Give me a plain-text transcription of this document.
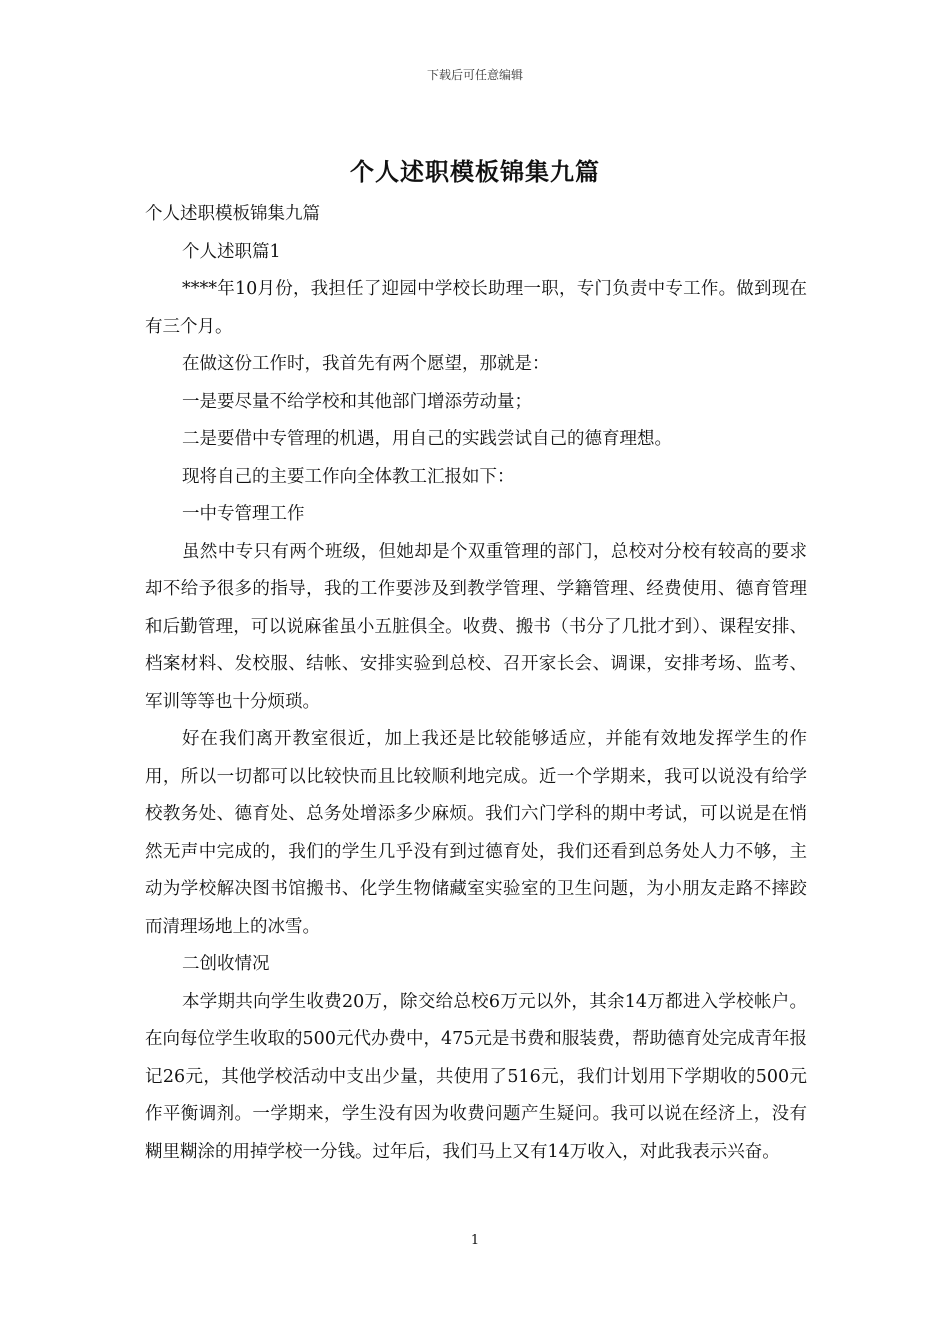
下载后可任意编辑
个人述职模板锦集九篇

个人述职模板锦集九篇

个人述职篇1

****年10月份，我担任了迎园中学校长助理一职，专门负责中专工作。做到现在有三个月。

在做这份工作时，我首先有两个愿望，那就是：

一是要尽量不给学校和其他部门增添劳动量；

二是要借中专管理的机遇，用自己的实践尝试自己的德育理想。

现将自己的主要工作向全体教工汇报如下：

一中专管理工作

虽然中专只有两个班级，但她却是个双重管理的部门，总校对分校有较高的要求却不给予很多的指导，我的工作要涉及到教学管理、学籍管理、经费使用、德育管理和后勤管理，可以说麻雀虽小五脏俱全。收费、搬书（书分了几批才到）、课程安排、档案材料、发校服、结帐、安排实验到总校、召开家长会、调课，安排考场、监考、军训等等也十分烦琐。

好在我们离开教室很近，加上我还是比较能够适应，并能有效地发挥学生的作用，所以一切都可以比较快而且比较顺利地完成。近一个学期来，我可以说没有给学校教务处、德育处、总务处增添多少麻烦。我们六门学科的期中考试，可以说是在悄然无声中完成的，我们的学生几乎没有到过德育处，我们还看到总务处人力不够，主动为学校解决图书馆搬书、化学生物储藏室实验室的卫生问题，为小朋友走路不摔跤而清理场地上的冰雪。

二创收情况

本学期共向学生收费20万，除交给总校6万元以外，其余14万都进入学校帐户。在向每位学生收取的500元代办费中，475元是书费和服装费，帮助德育处完成青年报记26元，其他学校活动中支出少量，共使用了516元，我们计划用下学期收的500元作平衡调剂。一学期来，学生没有因为收费问题产生疑问。我可以说在经济上，没有糊里糊涂的用掉学校一分钱。过年后，我们马上又有14万收入，对此我表示兴奋。

1
